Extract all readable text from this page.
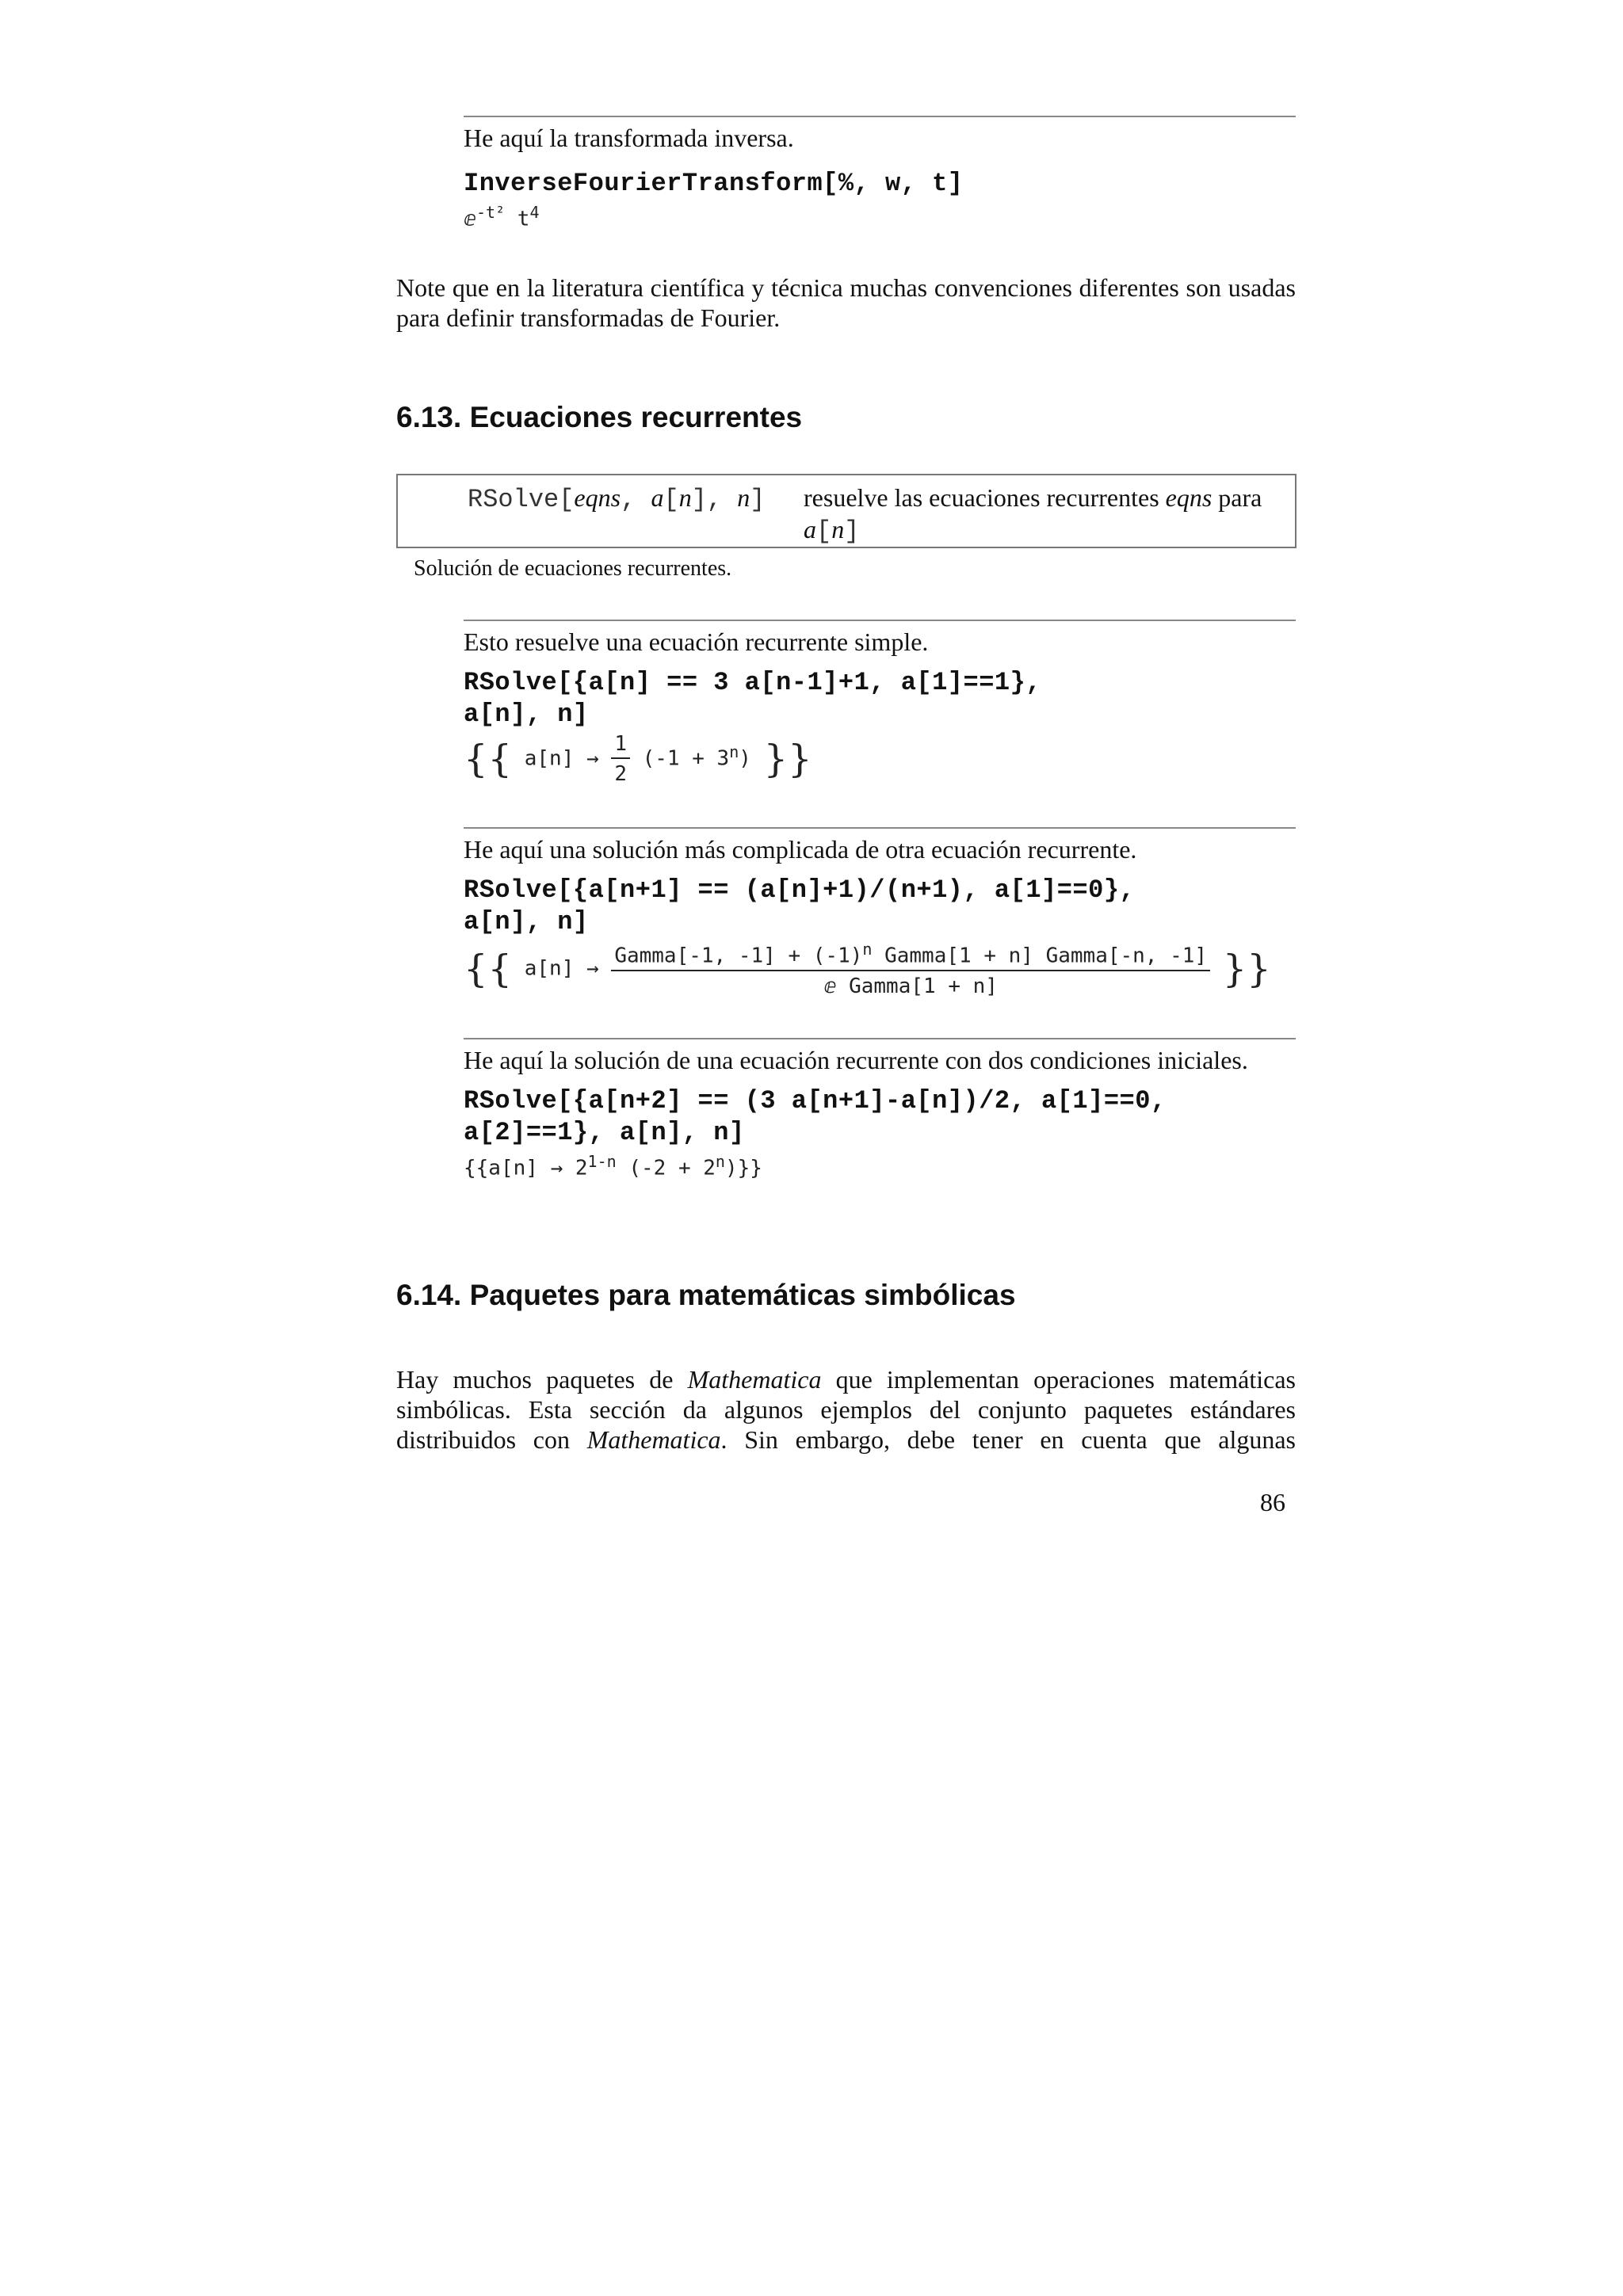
He aquí la transformada inversa.
InverseFourierTransform[%, w, t]
ⅇ$^{-t^2}$ $t^4$
Note que en la literatura científica y técnica muchas convenciones diferentes son usadas para definir transformadas de Fourier.
6.13. Ecuaciones recurrentes
RSolve[eqns, a[n], n] resuelve las ecuaciones recurrentes eqns para
a[n]
Solución de ecuaciones recurrentes.
Esto resuelve una ecuación recurrente simple.
RSolve[{a[n] == 3 a[n-1]+1, a[1]==1},
a[n], n]
{{ $a[n] \to \frac{1}{2} (-1 + 3^n)$ }}
He aquí una solución más complicada de otra ecuación recurrente.
RSolve[{a[n+1] == (a[n]+1)/(n+1), a[1]==0},
a[n], n]
{{ $a[n] \to \frac{Gamma[-1, -1] + (-1)^n Gamma[1 + n] Gamma[-n, -1]}{\text{ⅇ Gamma[1 + n]}}$ }}
He aquí la solución de una ecuación recurrente con dos condiciones iniciales.
RSolve[{a[n+2] == (3 a[n+1]-a[n])/2, a[1]==0,
a[2]==1}, a[n], n]
{{$a[n] \to 2^{1-n}$ $(-2 + 2^n)$}}
6.14. Paquetes para matemáticas simbólicas
Hay muchos paquetes de Mathematica que implementan operaciones matemáticas simbólicas. Esta sección da algunos ejemplos del conjunto paquetes estándares distribuidos con Mathematica. Sin embargo, debe tener en cuenta que algunas
86
